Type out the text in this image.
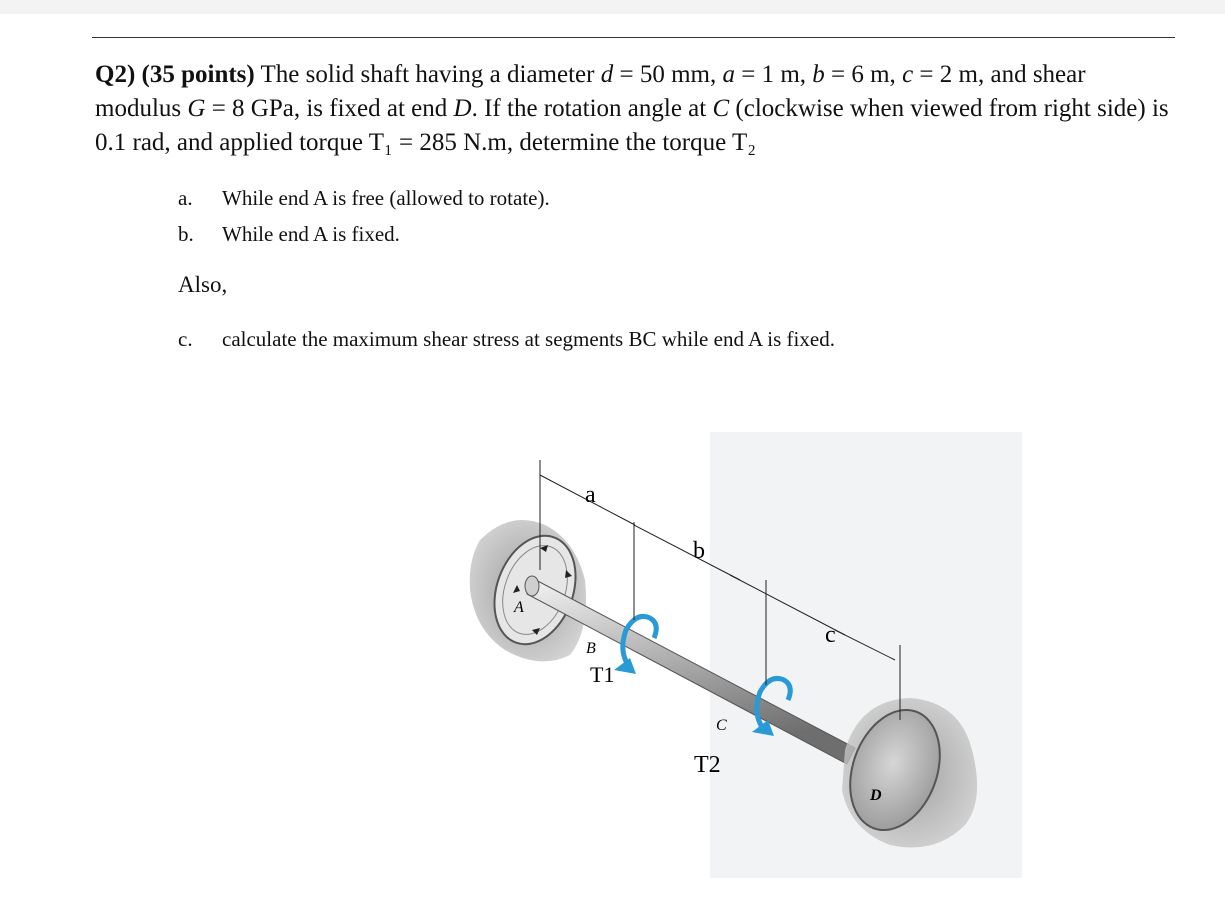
Q2) (35 points) The solid shaft having a diameter d = 50 mm, a = 1 m, b = 6 m, c = 2 m, and shear modulus G = 8 GPa, is fixed at end D. If the rotation angle at C (clockwise when viewed from right side) is 0.1 rad, and applied torque T₁ = 285 N.m, determine the torque T₂

a. While end A is free (allowed to rotate).
b. While end A is fixed.
c. calculate the maximum shear stress at segments BC while end A is fixed.
Also,
a
b
c
A
B
C
D
T1
T2
